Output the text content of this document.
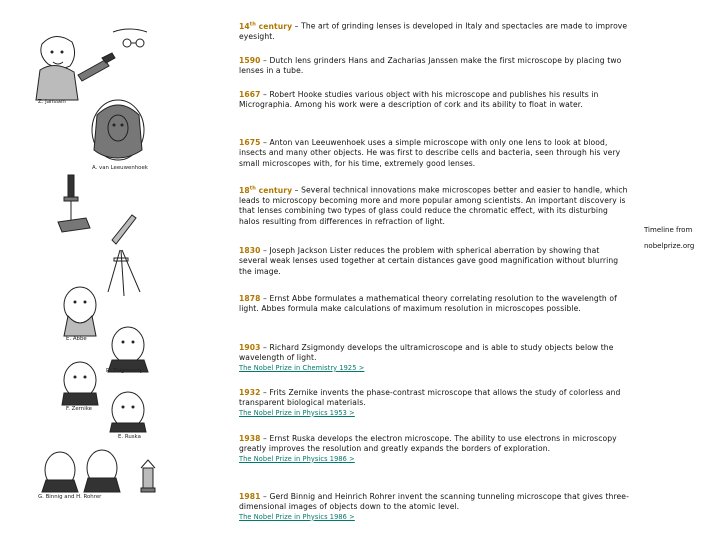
Z. Janssen
A. van Leeuwenhoek
E. Abbe
R. Zsigmondy
F. Zernike
E. Ruska
G. Binnig and H. Rohrer
Timeline from
nobelprize.org
14th century – The art of grinding lenses is developed in Italy and spectacles are made to improve eyesight.
1590 – Dutch lens grinders Hans and Zacharias Janssen make the first microscope by placing two lenses in a tube.
1667 – Robert Hooke studies various object with his microscope and publishes his results in Micrographia. Among his work were a description of cork and its ability to float in water.
1675 – Anton van Leeuwenhoek uses a simple microscope with only one lens to look at blood, insects and many other objects. He was first to describe cells and bacteria, seen through his very small microscopes with, for his time, extremely good lenses.
18th century – Several technical innovations make microscopes better and easier to handle, which leads to microscopy becoming more and more popular among scientists. An important discovery is that lenses combining two types of glass could reduce the chromatic effect, with its disturbing halos resulting from differences in refraction of light.
1830 – Joseph Jackson Lister reduces the problem with spherical aberration by showing that several weak lenses used together at certain distances gave good magnification without blurring the image.
1878 – Ernst Abbe formulates a mathematical theory correlating resolution to the wavelength of light. Abbes formula make calculations of maximum resolution in microscopes possible.
1903 – Richard Zsigmondy develops the ultramicroscope and is able to study objects below the wavelength of light.
The Nobel Prize in Chemistry 1925 >
1932 – Frits Zernike invents the phase-contrast microscope that allows the study of colorless and transparent biological materials.
The Nobel Prize in Physics 1953 >
1938 – Ernst Ruska develops the electron microscope. The ability to use electrons in microscopy greatly improves the resolution and greatly expands the borders of exploration.
The Nobel Prize in Physics 1986 >
1981 – Gerd Binnig and Heinrich Rohrer invent the scanning tunneling microscope that gives three-dimensional images of objects down to the atomic level.
The Nobel Prize in Physics 1986 >
